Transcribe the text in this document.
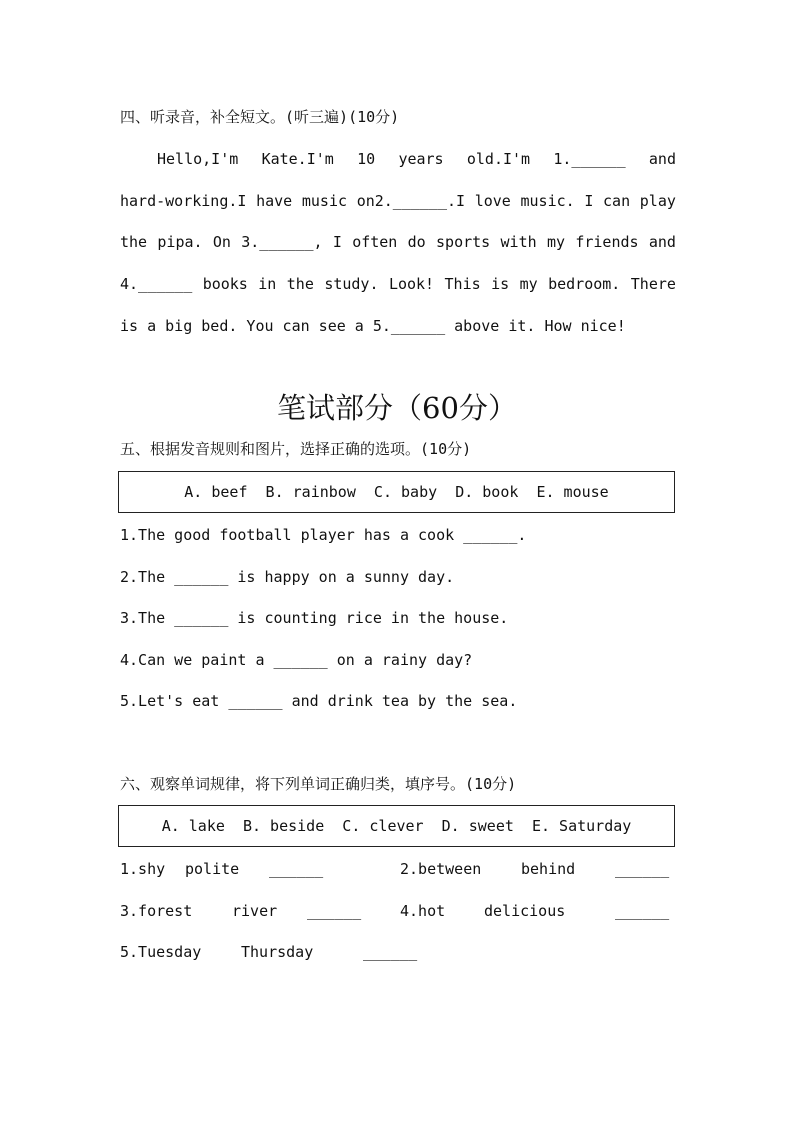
四、听录音，补全短文。(听三遍)(10分)
Hello,I'm Kate.I'm 10 years old.I'm 1.______ and
hard-working.I have music on2.______.I love music. I can play
the pipa. On 3.______, I often do sports with my friends and
4.______ books in the study. Look! This is my bedroom. There
is a big bed. You can see a 5.______ above it. How nice!
笔试部分（60分）
五、根据发音规则和图片，选择正确的选项。(10分)
A. beef  B. rainbow  C. baby  D. book  E. mouse
1.The good football player has a cook ______.
2.The ______ is happy on a sunny day.
3.The ______ is counting rice in the house.
4.Can we paint a ______ on a rainy day?
5.Let's eat ______ and drink tea by the sea.
六、观察单词规律，将下列单词正确归类，填序号。(10分)
A. lake  B. beside  C. clever  D. sweet  E. Saturday
1.shy polite ______	2.between	behind	______
3.forest	river ______	4.hot	delicious	______
5.Tuesday	Thursday	______
